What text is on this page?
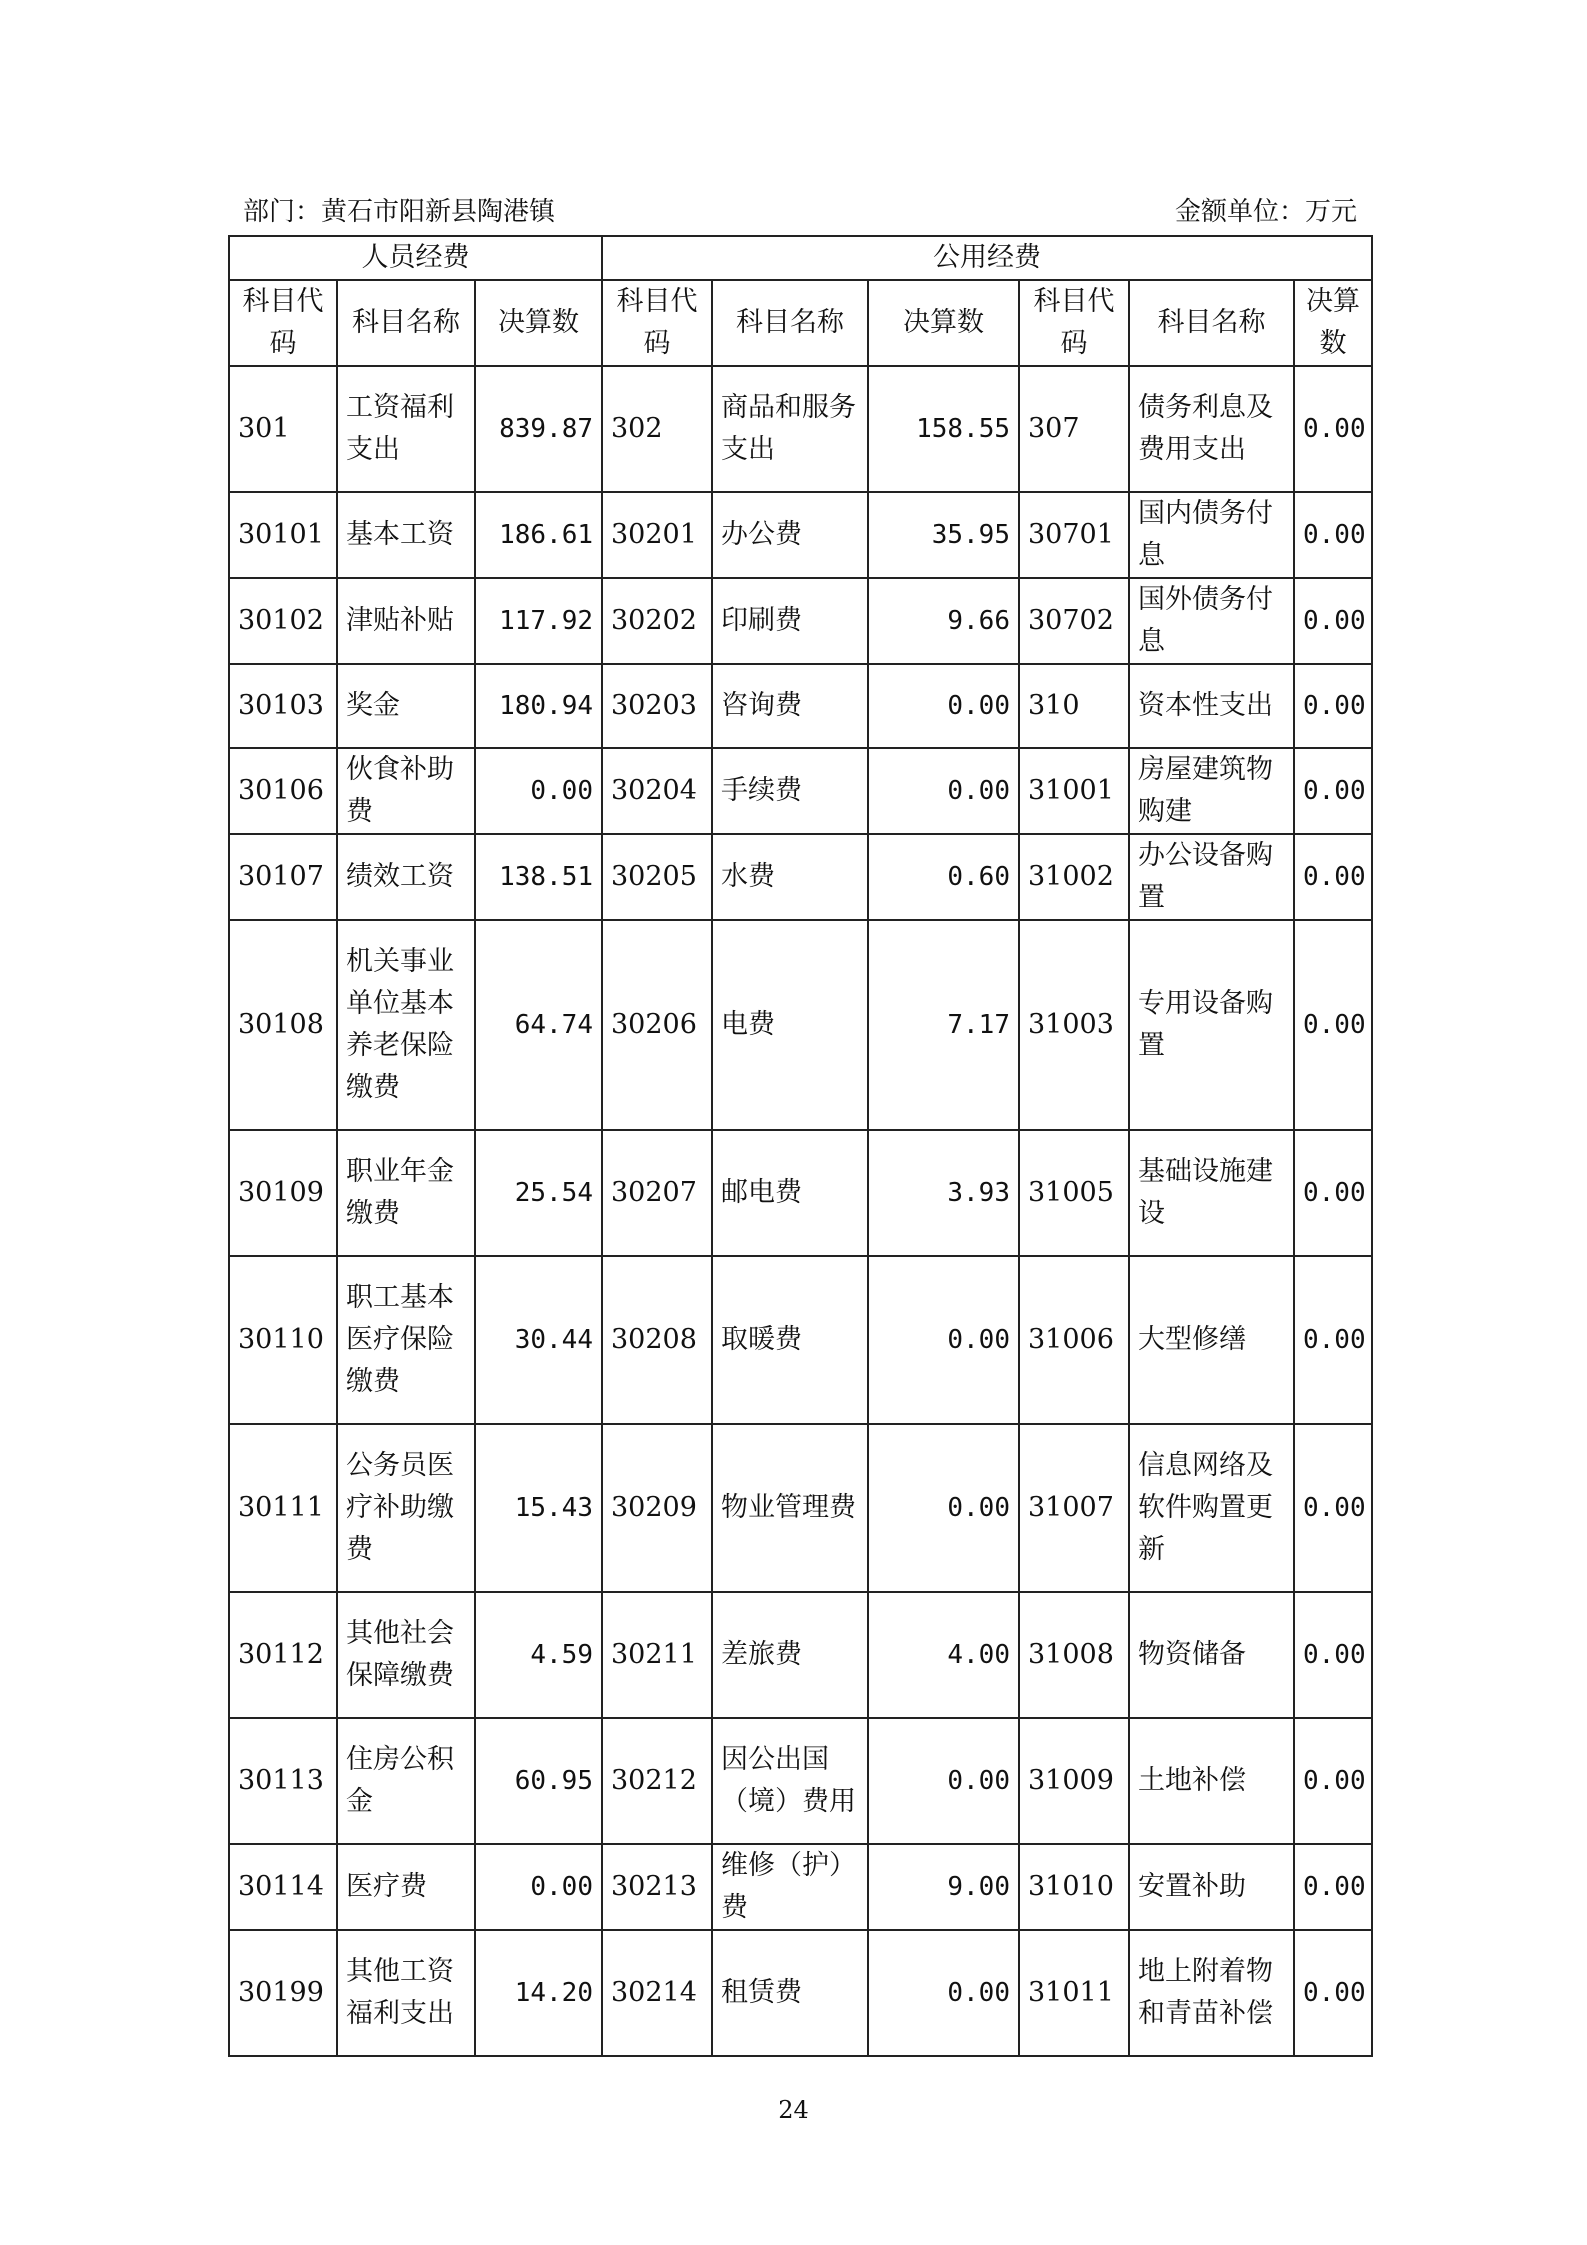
部门：黄石市阳新县陶港镇	金额单位：万元
人员经费			公用经费					
科目代码	科目名称	决算数	科目代码	科目名称	决算数	科目代码	科目名称	决算数
301	工资福利支出	839.87	302	商品和服务支出	158.55	307	债务利息及费用支出	0.00
30101	基本工资	186.61	30201	办公费	35.95	30701	国内债务付息	0.00
30102	津贴补贴	117.92	30202	印刷费	9.66	30702	国外债务付息	0.00
30103	奖金	180.94	30203	咨询费	0.00	310	资本性支出	0.00
30106	伙食补助费	0.00	30204	手续费	0.00	31001	房屋建筑物购建	0.00
30107	绩效工资	138.51	30205	水费	0.60	31002	办公设备购置	0.00
30108	机关事业单位基本养老保险缴费	64.74	30206	电费	7.17	31003	专用设备购置	0.00
30109	职业年金缴费	25.54	30207	邮电费	3.93	31005	基础设施建设	0.00
30110	职工基本医疗保险缴费	30.44	30208	取暖费	0.00	31006	大型修缮	0.00
30111	公务员医疗补助缴费	15.43	30209	物业管理费	0.00	31007	信息网络及软件购置更新	0.00
30112	其他社会保障缴费	4.59	30211	差旅费	4.00	31008	物资储备	0.00
30113	住房公积金	60.95	30212	因公出国（境）费用	0.00	31009	土地补偿	0.00
30114	医疗费	0.00	30213	维修（护）费	9.00	31010	安置补助	0.00
30199	其他工资福利支出	14.20	30214	租赁费	0.00	31011	地上附着物和青苗补偿	0.00
24
